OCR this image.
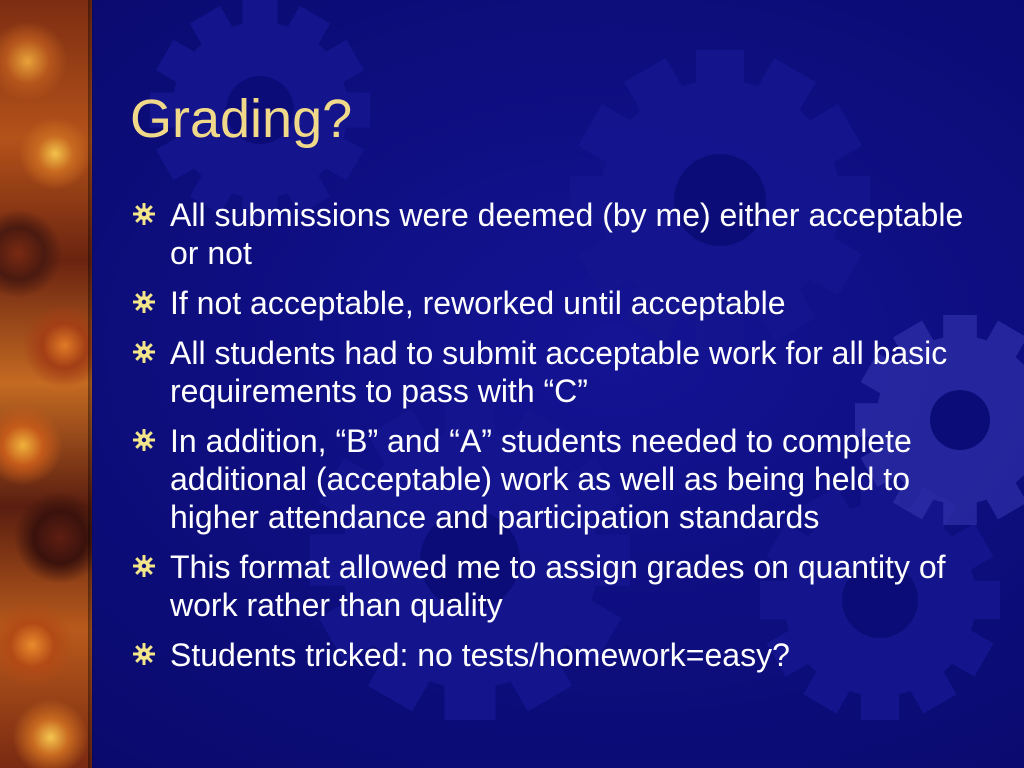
Grading?
All submissions were deemed (by me) either acceptable or not
If not acceptable, reworked until acceptable
All students had to submit acceptable work for all basic requirements to pass with “C”
In addition, “B” and “A” students needed to complete additional (acceptable) work as well as being held to higher attendance and participation standards
This format allowed me to assign grades on quantity of work rather than quality
Students tricked: no tests/homework=easy?
